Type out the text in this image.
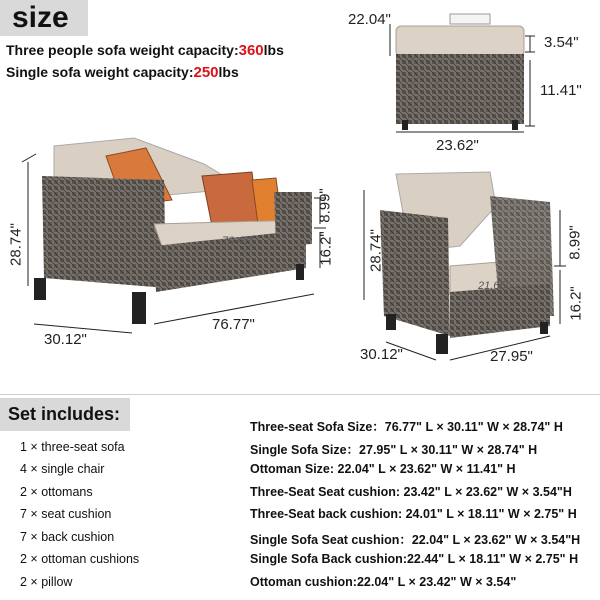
size
Three people sofa weight capacity:360lbs
Single sofa weight capacity:250lbs
22.04"
3.54"
11.41"
23.62"
28.74"
8.99"
70.47"	16.2"
30.12"
76.77"
28.74"	8.99"
21.65"
16.2"
30.12"	27.95"
Set includes:
1 × three-seat sofa
4 × single chair
2 × ottomans
7 × seat cushion
7 × back cushion
2 × ottoman cushions
2 × pillow
Three-seat Sofa Size：76.77" L × 30.11" W × 28.74" H
Single Sofa Size：27.95" L × 30.11" W × 28.74" H
Ottoman Size: 22.04" L × 23.62" W × 11.41" H
Three-Seat Seat cushion: 23.42" L × 23.62" W × 3.54"H
Three-Seat back cushion: 24.01" L × 18.11" W × 2.75" H
Single Sofa Seat cushion：22.04" L × 23.62" W × 3.54"H
Single Sofa Back cushion:22.44" L × 18.11" W × 2.75" H
Ottoman cushion:22.04" L × 23.42" W × 3.54"
